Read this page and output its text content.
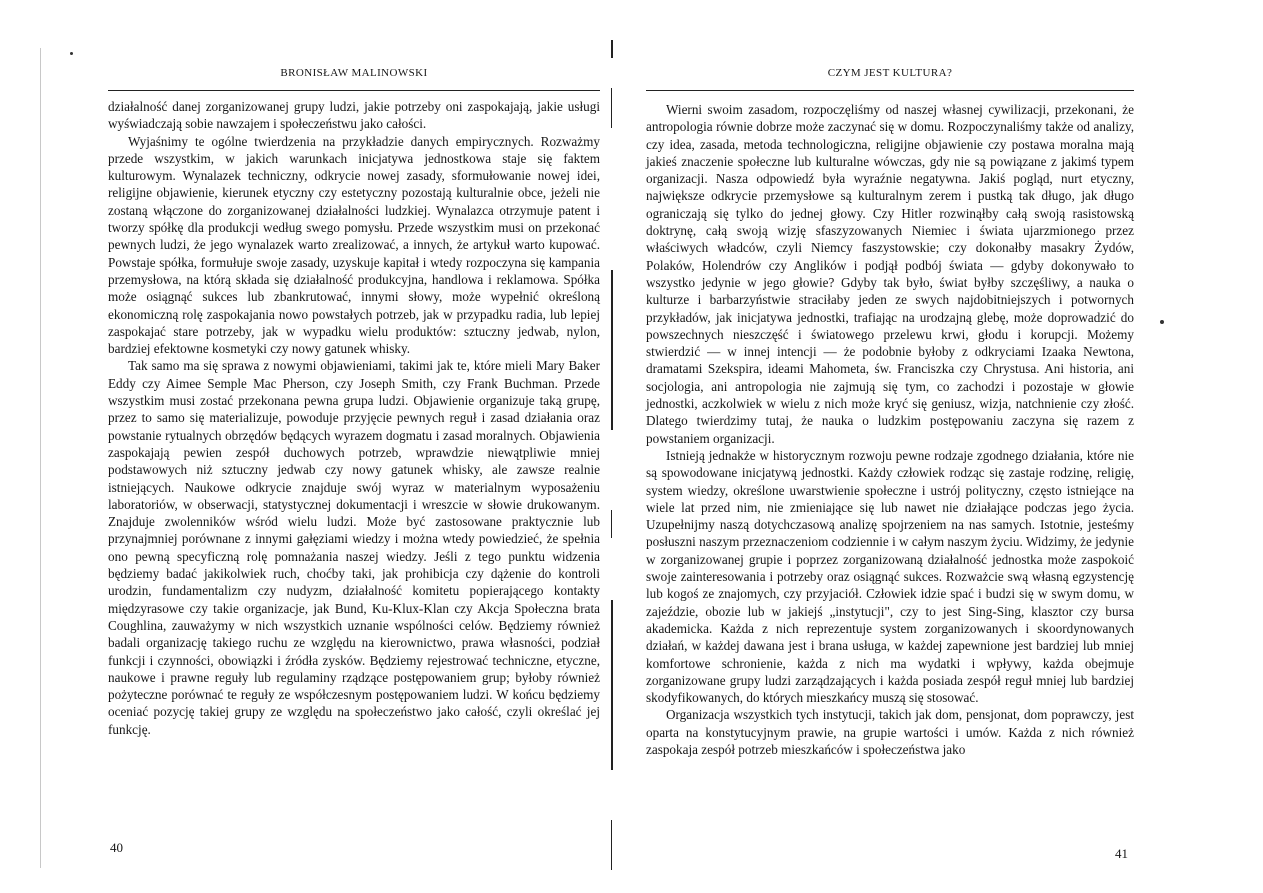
BRONISŁAW MALINOWSKI

działalność danej zorganizowanej grupy ludzi, jakie potrzeby oni zaspokajają, jakie usługi wyświadczają sobie nawzajem i społeczeństwu jako całości.

Wyjaśnimy te ogólne twierdzenia na przykładzie danych empirycznych. Rozważmy przede wszystkim, w jakich warunkach inicjatywa jednostkowa staje się faktem kulturowym. Wynalazek techniczny, odkrycie nowej zasady, sformułowanie nowej idei, religijne objawienie, kierunek etyczny czy estetyczny pozostają kulturalnie obce, jeżeli nie zostaną włączone do zorganizowanej działalności ludzkiej. Wynalazca otrzymuje patent i tworzy spółkę dla produkcji według swego pomysłu. Przede wszystkim musi on przekonać pewnych ludzi, że jego wynalazek warto zrealizować, a innych, że artykuł warto kupować. Powstaje spółka, formułuje swoje zasady, uzyskuje kapitał i wtedy rozpoczyna się kampania przemysłowa, na którą składa się działalność produkcyjna, handlowa i reklamowa. Spółka może osiągnąć sukces lub zbankrutować, innymi słowy, może wypełnić określoną ekonomiczną rolę zaspokajania nowo powstałych potrzeb, jak w przypadku radia, lub lepiej zaspokajać stare potrzeby, jak w wypadku wielu produktów: sztuczny jedwab, nylon, bardziej efektowne kosmetyki czy nowy gatunek whisky.

Tak samo ma się sprawa z nowymi objawieniami, takimi jak te, które mieli Mary Baker Eddy czy Aimee Semple Mac Pherson, czy Joseph Smith, czy Frank Buchman. Przede wszystkim musi zostać przekonana pewna grupa ludzi. Objawienie organizuje taką grupę, przez to samo się materializuje, powoduje przyjęcie pewnych reguł i zasad działania oraz powstanie rytualnych obrzędów będących wyrazem dogmatu i zasad moralnych. Objawienia zaspokajają pewien zespół duchowych potrzeb, wprawdzie niewątpliwie mniej podstawowych niż sztuczny jedwab czy nowy gatunek whisky, ale zawsze realnie istniejących. Naukowe odkrycie znajduje swój wyraz w materialnym wyposażeniu laboratoriów, w obserwacji, statystycznej dokumentacji i wreszcie w słowie drukowanym. Znajduje zwolenników wśród wielu ludzi. Może być zastosowane praktycznie lub przynajmniej porównane z innymi gałęziami wiedzy i można wtedy powiedzieć, że spełnia ono pewną specyficzną rolę pomnażania naszej wiedzy. Jeśli z tego punktu widzenia będziemy badać jakikolwiek ruch, choćby taki, jak prohibicja czy dążenie do kontroli urodzin, fundamentalizm czy nudyzm, działalność komitetu popierającego kontakty międzyrasowe czy takie organizacje, jak Bund, Ku-Klux-Klan czy Akcja Społeczna brata Coughlina, zauważymy w nich wszystkich uznanie wspólności celów. Będziemy również badali organizację takiego ruchu ze względu na kierownictwo, prawa własności, podział funkcji i czynności, obowiązki i źródła zysków. Będziemy rejestrować techniczne, etyczne, naukowe i prawne reguły lub regulaminy rządzące postępowaniem grup; byłoby również pożyteczne porównać te reguły ze współczesnym postępowaniem ludzi. W końcu będziemy oceniać pozycję takiej grupy ze względu na społeczeństwo jako całość, czyli określać jej funkcję.

40
CZYM JEST KULTURA?

Wierni swoim zasadom, rozpoczęliśmy od naszej własnej cywilizacji, przekonani, że antropologia równie dobrze może zaczynać się w domu. Rozpoczynaliśmy także od analizy, czy idea, zasada, metoda technologiczna, religijne objawienie czy postawa moralna mają jakieś znaczenie społeczne lub kulturalne wówczas, gdy nie są powiązane z jakimś typem organizacji. Nasza odpowiedź była wyraźnie negatywna. Jakiś pogląd, nurt etyczny, największe odkrycie przemysłowe są kulturalnym zerem i pustką tak długo, jak długo ograniczają się tylko do jednej głowy. Czy Hitler rozwinąłby całą swoją rasistowską doktrynę, całą swoją wizję sfaszyzowanych Niemiec i świata ujarzmionego przez właściwych władców, czyli Niemcy faszystowskie; czy dokonałby masakry Żydów, Polaków, Holendrów czy Anglików i podjął podbój świata — gdyby dokonywało to wszystko jedynie w jego głowie? Gdyby tak było, świat byłby szczęśliwy, a nauka o kulturze i barbarzyństwie straciłaby jeden ze swych najdobitniejszych i potwornych przykładów, jak inicjatywa jednostki, trafiając na urodzajną glebę, może doprowadzić do powszechnych nieszczęść i światowego przelewu krwi, głodu i korupcji. Możemy stwierdzić — w innej intencji — że podobnie byłoby z odkryciami Izaaka Newtona, dramatami Szekspira, ideami Mahometa, św. Franciszka czy Chrystusa. Ani historia, ani socjologia, ani antropologia nie zajmują się tym, co zachodzi i pozostaje w głowie jednostki, aczkolwiek w wielu z nich może kryć się geniusz, wizja, natchnienie czy złość. Dlatego twierdzimy tutaj, że nauka o ludzkim postępowaniu zaczyna się razem z powstaniem organizacji.

Istnieją jednakże w historycznym rozwoju pewne rodzaje zgodnego działania, które nie są spowodowane inicjatywą jednostki. Każdy człowiek rodząc się zastaje rodzinę, religię, system wiedzy, określone uwarstwienie społeczne i ustrój polityczny, często istniejące na wiele lat przed nim, nie zmieniające się lub nawet nie działające podczas jego życia. Uzupełnijmy naszą dotychczasową analizę spojrzeniem na nas samych. Istotnie, jesteśmy posłuszni naszym przeznaczeniom codziennie i w całym naszym życiu. Widzimy, że jedynie w zorganizowanej grupie i poprzez zorganizowaną działalność jednostka może zaspokoić swoje zainteresowania i potrzeby oraz osiągnąć sukces. Rozważcie swą własną egzystencję lub kogoś ze znajomych, czy przyjaciół. Człowiek idzie spać i budzi się w swym domu, w zajeździe, obozie lub w jakiejś „instytucji", czy to jest Sing-Sing, klasztor czy bursa akademicka. Każda z nich reprezentuje system zorganizowanych i skoordynowanych działań, w każdej dawana jest i brana usługa, w każdej zapewnione jest bardziej lub mniej komfortowe schronienie, każda z nich ma wydatki i wpływy, każda obejmuje zorganizowane grupy ludzi zarządzających i każda posiada zespół reguł mniej lub bardziej skodyfikowanych, do których mieszkańcy muszą się stosować.

Organizacja wszystkich tych instytucji, takich jak dom, pensjonat, dom poprawczy, jest oparta na konstytucyjnym prawie, na grupie wartości i umów. Każda z nich również zaspokaja zespół potrzeb mieszkańców i społeczeństwa jako

41
